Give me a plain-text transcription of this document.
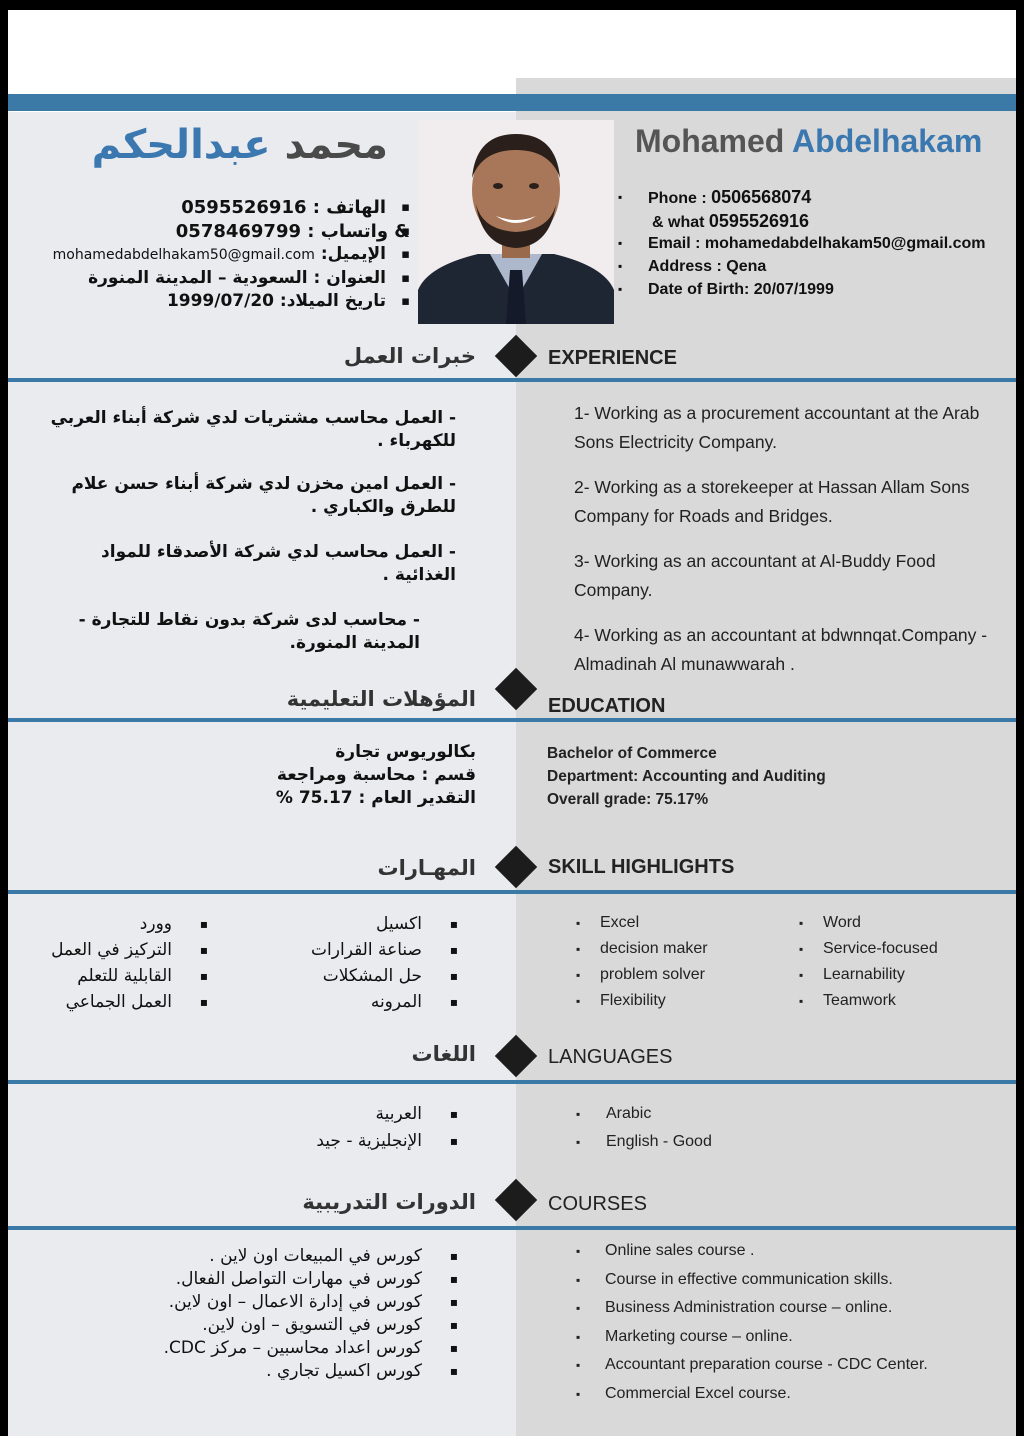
محمد عبدالحكم	Mohamed Abdelhakam
▪ الهاتف : 0595526916
▪ & واتساب : 0578469799
▪ الإيميل: mohamedabdelhakam50@gmail.com
▪ العنوان : السعودية – المدينة المنورة
▪ تاريخ الميلاد: 1999/07/20
▪ Phone : 0506568074
& what 0595526916
▪ Email : mohamedabdelhakam50@gmail.com
▪ Address : Qena
▪ Date of Birth: 20/07/1999
خبرات العمل	EXPERIENCE
- العمل محاسب مشتريات لدي شركة أبناء العربي للكهرباء .
- العمل امين مخزن لدي شركة أبناء حسن علام للطرق والكباري .
- العمل محاسب لدي شركة الأصدقاء للمواد الغذائية .
- محاسب لدى شركة بدون نقاط للتجارة - المدينة المنورة.
1- Working as a procurement accountant at the Arab Sons Electricity Company.
2- Working as a storekeeper at Hassan Allam Sons Company for Roads and Bridges.
3- Working as an accountant at Al-Buddy Food Company.
4- Working as an accountant at bdwnnqat.Company - Almadinah Al munawwarah .
المؤهلات التعليمية	EDUCATION
بكالوريوس تجارة
قسم : محاسبة ومراجعة
التقدير العام : 75.17 %
Bachelor of Commerce
Department: Accounting and Auditing
Overall grade: 75.17%
المهـارات	SKILL HIGHLIGHTS
▪ اكسيل
▪ صناعة القرارات
▪ حل المشكلات
▪ المرونه
▪ وورد
▪ التركيز في العمل
▪ القابلية للتعلم
▪ العمل الجماعي
▪ Excel
▪ decision maker
▪ problem solver
▪ Flexibility
▪ Word
▪ Service-focused
▪ Learnability
▪ Teamwork
اللغات	LANGUAGES
▪ العربية
▪ الإنجليزية - جيد
▪ Arabic
▪ English - Good
الدورات التدريبية	COURSES
▪ كورس في المبيعات اون لاين .
▪ كورس في مهارات التواصل الفعال.
▪ كورس في إدارة الاعمال – اون لاين.
▪ كورس في التسويق – اون لاين.
▪ كورس اعداد محاسبين – مركز CDC.
▪ كورس اكسيل تجاري .
▪ Online sales course .
▪ Course in effective communication skills.
▪ Business Administration course – online.
▪ Marketing course – online.
▪ Accountant preparation course - CDC Center.
▪ Commercial Excel course.
